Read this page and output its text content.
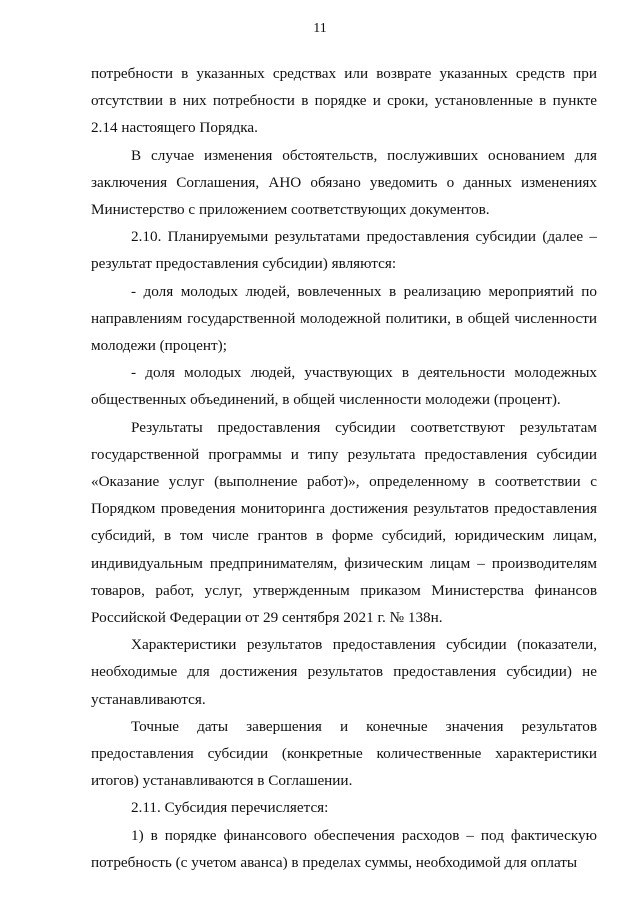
11

потребности в указанных средствах или возврате указанных средств при отсутствии в них потребности в порядке и сроки, установленные в пункте 2.14 настоящего Порядка.

В случае изменения обстоятельств, послуживших основанием для заключения Соглашения, АНО обязано уведомить о данных изменениях Министерство с приложением соответствующих документов.

2.10. Планируемыми результатами предоставления субсидии (далее – результат предоставления субсидии) являются:

- доля молодых людей, вовлеченных в реализацию мероприятий по направлениям государственной молодежной политики, в общей численности молодежи (процент);

- доля молодых людей, участвующих в деятельности молодежных общественных объединений, в общей численности молодежи (процент).

Результаты предоставления субсидии соответствуют результатам государственной программы и типу результата предоставления субсидии «Оказание услуг (выполнение работ)», определенному в соответствии с Порядком проведения мониторинга достижения результатов предоставления субсидий, в том числе грантов в форме субсидий, юридическим лицам, индивидуальным предпринимателям, физическим лицам – производителям товаров, работ, услуг, утвержденным приказом Министерства финансов Российской Федерации от 29 сентября 2021 г. № 138н.

Характеристики результатов предоставления субсидии (показатели, необходимые для достижения результатов предоставления субсидии) не устанавливаются.

Точные даты завершения и конечные значения результатов предоставления субсидии (конкретные количественные характеристики итогов) устанавливаются в Соглашении.

2.11. Субсидия перечисляется:

1) в порядке финансового обеспечения расходов – под фактическую потребность (с учетом аванса) в пределах суммы, необходимой для оплаты
